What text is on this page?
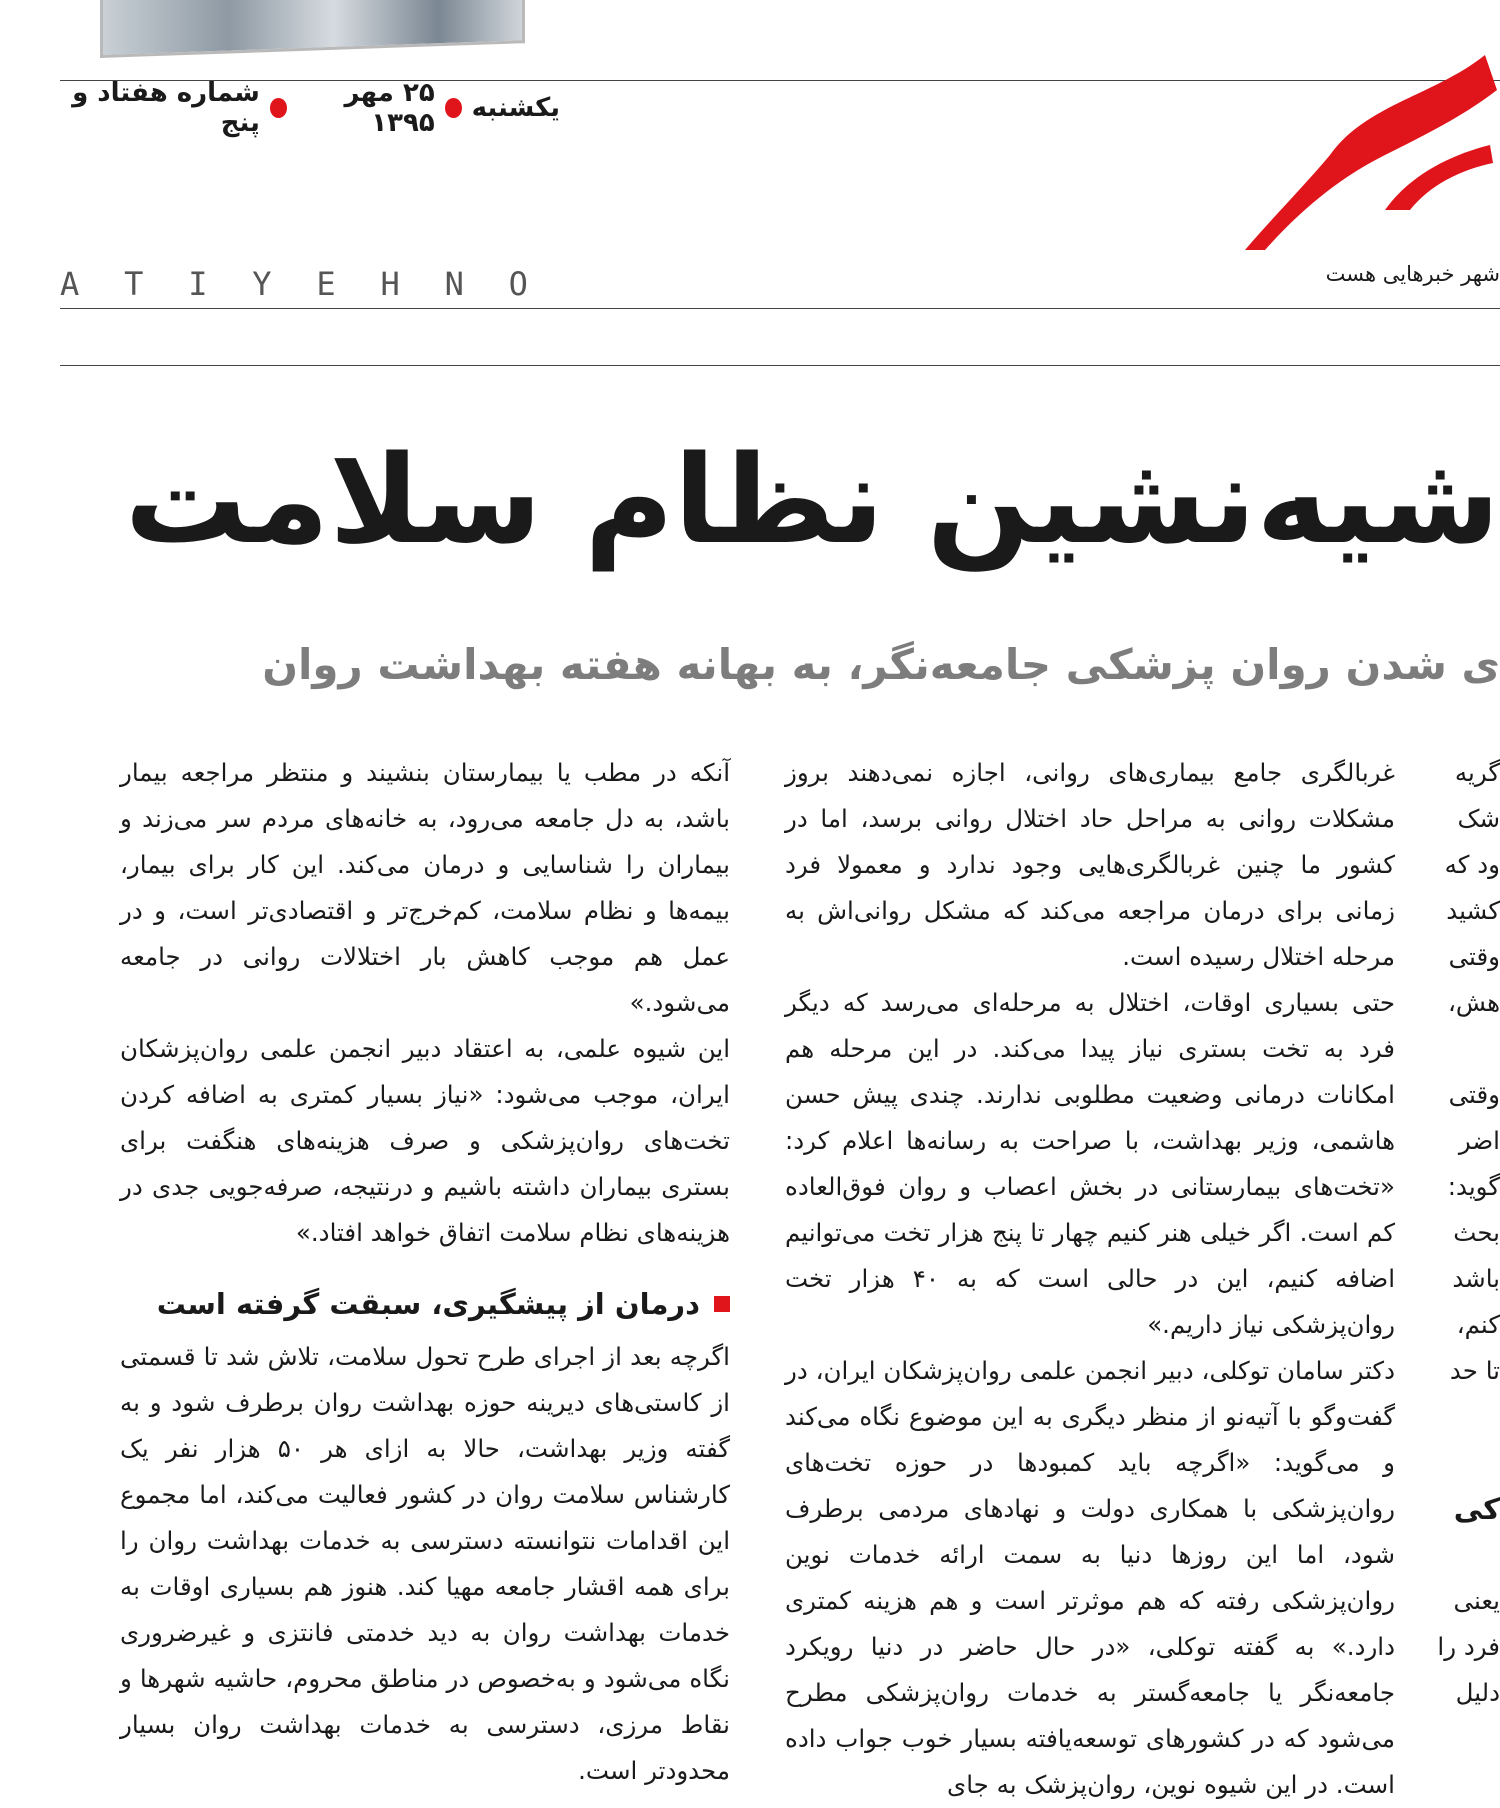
یکشنبه
۲۵ مهر ۱۳۹۵
شماره هفتاد و پنج
شهر خبرهایی هست
A T I Y E H N O
شیه‌نشین نظام سلامت
ی شدن روان پزشکی جامعه‌نگر، به بهانه هفته بهداشت روان

آنکه در مطب یا بیمارستان بنشیند و منتظر مراجعه بیمار باشد، به دل جامعه می‌رود، به خانه‌های مردم سر می‌زند و بیماران را شناسایی و درمان می‌کند. این کار برای بیمار، بیمه‌ها و نظام سلامت، کم‌خرج‌تر و اقتصادی‌تر است، و در عمل هم موجب کاهش بار اختلالات روانی در جامعه می‌شود.»

این شیوه علمی، به اعتقاد دبیر انجمن علمی روان‌پزشکان ایران، موجب می‌شود: «نیاز بسیار کمتری به اضافه کردن تخت‌های روان‌پزشکی و صرف هزینه‌های هنگفت برای بستری بیماران داشته باشیم و درنتیجه، صرفه‌جویی جدی در هزینه‌های نظام سلامت اتفاق خواهد افتاد.»

درمان از پیشگیری، سبقت گرفته است

اگرچه بعد از اجرای طرح تحول سلامت، تلاش شد تا قسمتی از کاستی‌های دیرینه حوزه بهداشت روان برطرف شود و به گفته وزیر بهداشت، حالا به ازای هر ۵۰ هزار نفر یک کارشناس سلامت روان در کشور فعالیت می‌کند، اما مجموع این اقدامات نتوانسته دسترسی به خدمات بهداشت روان را برای همه اقشار جامعه مهیا کند. هنوز هم بسیاری اوقات به خدمات بهداشت روان به دید خدمتی فانتزی و غیرضروری نگاه می‌شود و به‌خصوص در مناطق محروم، حاشیه شهرها و نقاط مرزی، دسترسی به خدمات بهداشت روان بسیار محدودتر است.

غربالگری جامع بیماری‌های روانی، اجازه نمی‌دهند بروز مشکلات روانی به مراحل حاد اختلال روانی برسد، اما در کشور ما چنین غربالگری‌هایی وجود ندارد و معمولا فرد زمانی برای درمان مراجعه می‌کند که مشکل روانی‌اش به مرحله اختلال رسیده است.

حتی بسیاری اوقات، اختلال به مرحله‌ای می‌رسد که دیگر فرد به تخت بستری نیاز پیدا می‌کند. در این مرحله هم امکانات درمانی وضعیت مطلوبی ندارند. چندی پیش حسن هاشمی، وزیر بهداشت، با صراحت به رسانه‌ها اعلام کرد: «تخت‌های بیمارستانی در بخش اعصاب و روان فوق‌العاده کم است. اگر خیلی هنر کنیم چهار تا پنج هزار تخت می‌توانیم اضافه کنیم، این در حالی است که به ۴۰ هزار تخت روان‌پزشکی نیاز داریم.»

دکتر سامان توکلی، دبیر انجمن علمی روان‌پزشکان ایران، در گفت‌وگو با آتیه‌نو از منظر دیگری به این موضوع نگاه می‌کند و می‌گوید: «اگرچه باید کمبودها در حوزه تخت‌های روان‌پزشکی با همکاری دولت و نهادهای مردمی برطرف شود، اما این روزها دنیا به سمت ارائه خدمات نوین روان‌پزشکی رفته که هم موثرتر است و هم هزینه کمتری دارد.» به گفته توکلی، «در حال حاضر در دنیا رویکرد جامعه‌نگر یا جامعه‌گستر به خدمات روان‌پزشکی مطرح می‌شود که در کشورهای توسعه‌یافته بسیار خوب جواب داده است. در این شیوه نوین، روان‌پزشک به جای

گریه

شک

ود که

کشید

وقتی

هش،

وقتی

اضر

گوید:

بحث

باشد

کنم،

تا حد

کی

یعنی

فرد را

دلیل
